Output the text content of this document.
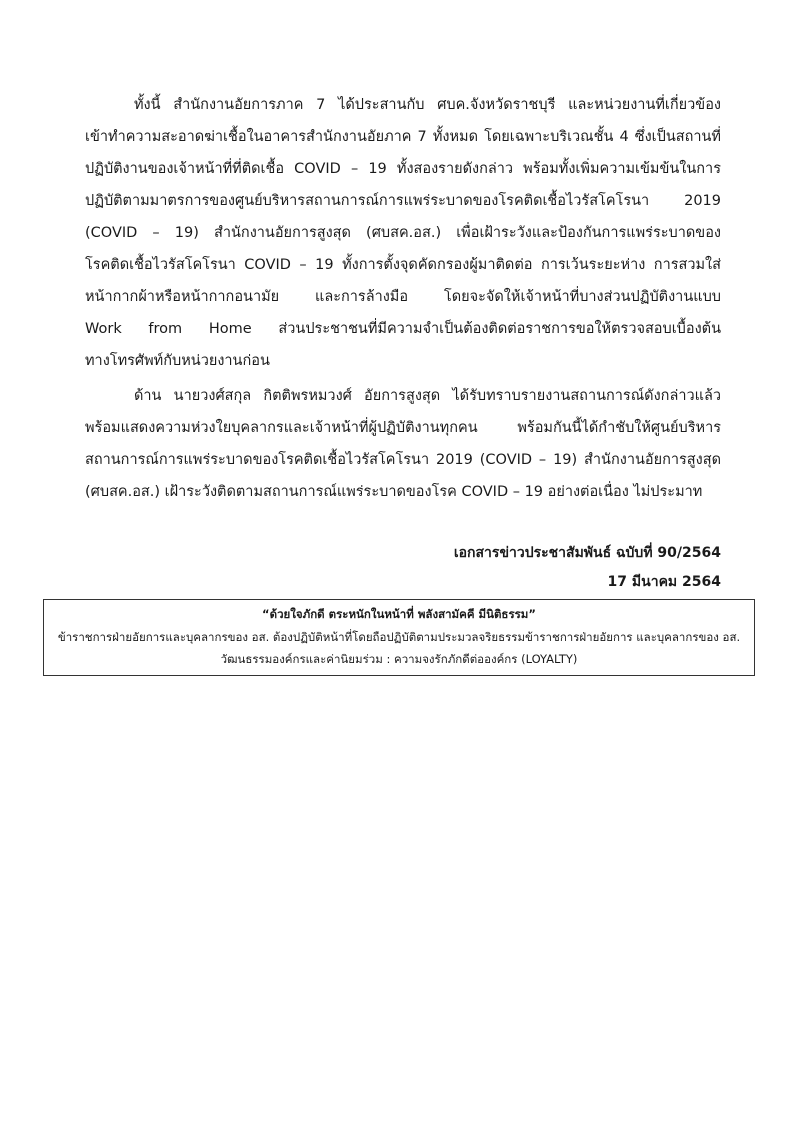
ทั้งนี้ สำนักงานอัยการภาค 7 ได้ประสานกับ ศบค.จังหวัดราชบุรี และหน่วยงานที่เกี่ยวข้อง
เข้าทำความสะอาดฆ่าเชื้อในอาคารสำนักงานอัยภาค 7 ทั้งหมด โดยเฉพาะบริเวณชั้น 4 ซึ่งเป็นสถานที่
ปฏิบัติงานของเจ้าหน้าที่ที่ติดเชื้อ COVID – 19 ทั้งสองรายดังกล่าว พร้อมทั้งเพิ่มความเข้มข้นในการ
ปฏิบัติตามมาตรการของศูนย์บริหารสถานการณ์การแพร่ระบาดของโรคติดเชื้อไวรัสโคโรนา 2019
(COVID – 19) สำนักงานอัยการสูงสุด (ศบสค.อส.) เพื่อเฝ้าระวังและป้องกันการแพร่ระบาดของ
โรคติดเชื้อไวรัสโคโรนา COVID – 19 ทั้งการตั้งจุดคัดกรองผู้มาติดต่อ การเว้นระยะห่าง การสวมใส่
หน้ากากผ้าหรือหน้ากากอนามัย และการล้างมือ โดยจะจัดให้เจ้าหน้าที่บางส่วนปฏิบัติงานแบบ
Work from Home ส่วนประชาชนที่มีความจำเป็นต้องติดต่อราชการขอให้ตรวจสอบเบื้องต้น
ทางโทรศัพท์กับหน่วยงานก่อน
ด้าน นายวงศ์สกุล กิตติพรหมวงศ์ อัยการสูงสุด ได้รับทราบรายงานสถานการณ์ดังกล่าวแล้ว
พร้อมแสดงความห่วงใยบุคลากรและเจ้าหน้าที่ผู้ปฏิบัติงานทุกคน พร้อมกันนี้ได้กำชับให้ศูนย์บริหาร
สถานการณ์การแพร่ระบาดของโรคติดเชื้อไวรัสโคโรนา 2019 (COVID – 19) สำนักงานอัยการสูงสุด
(ศบสค.อส.) เฝ้าระวังติดตามสถานการณ์แพร่ระบาดของโรค COVID – 19 อย่างต่อเนื่อง ไม่ประมาท
เอกสารข่าวประชาสัมพันธ์ ฉบับที่ 90/2564
17 มีนาคม 2564
“ด้วยใจภักดี ตระหนักในหน้าที่ พลังสามัคคี มีนิติธรรม”
ข้าราชการฝ่ายอัยการและบุคลากรของ อส. ต้องปฏิบัติหน้าที่โดยถือปฏิบัติตามประมวลจริยธรรมข้าราชการฝ่ายอัยการ และบุคลากรของ อส.
วัฒนธรรมองค์กรและค่านิยมร่วม : ความจงรักภักดีต่อองค์กร (LOYALTY)
